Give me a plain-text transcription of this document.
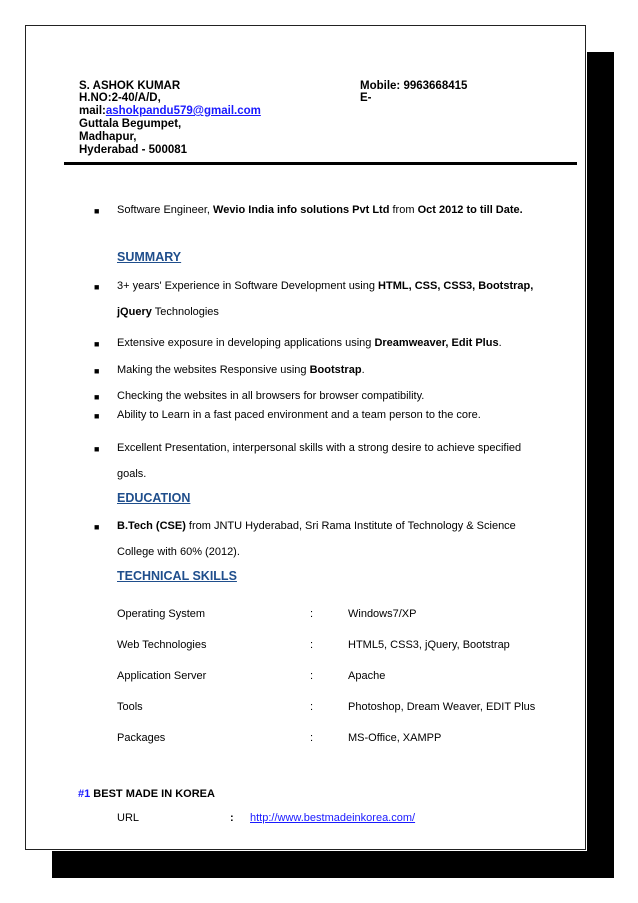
S. ASHOK KUMAR	Mobile: 9963668415
H.NO:2-40/A/D,	E-
mail:ashokpandu579@gmail.com
Guttala Begumpet,
Madhapur,
Hyderabad - 500081
■ Software Engineer, Wevio India info solutions Pvt Ltd from Oct 2012 to till Date.
SUMMARY
■ 3+ years' Experience in Software Development using HTML, CSS, CSS3, Bootstrap,
jQuery Technologies
■ Extensive exposure in developing applications using Dreamweaver, Edit Plus.
■ Making the websites Responsive using Bootstrap.
■ Checking the websites in all browsers for browser compatibility.
■ Ability to Learn in a fast paced environment and a team person to the core.
■ Excellent Presentation, interpersonal skills with a strong desire to achieve specified
goals.
EDUCATION
■ B.Tech (CSE) from JNTU Hyderabad, Sri Rama Institute of Technology & Science
College with 60% (2012).
TECHNICAL SKILLS
Operating System	:	Windows7/XP
Web Technologies	:	HTML5, CSS3, jQuery, Bootstrap
Application Server	:	Apache
Tools	:	Photoshop, Dream Weaver, EDIT Plus
Packages	:	MS-Office, XAMPP
#1 BEST MADE IN KOREA
URL	: http://www.bestmadeinkorea.com/
